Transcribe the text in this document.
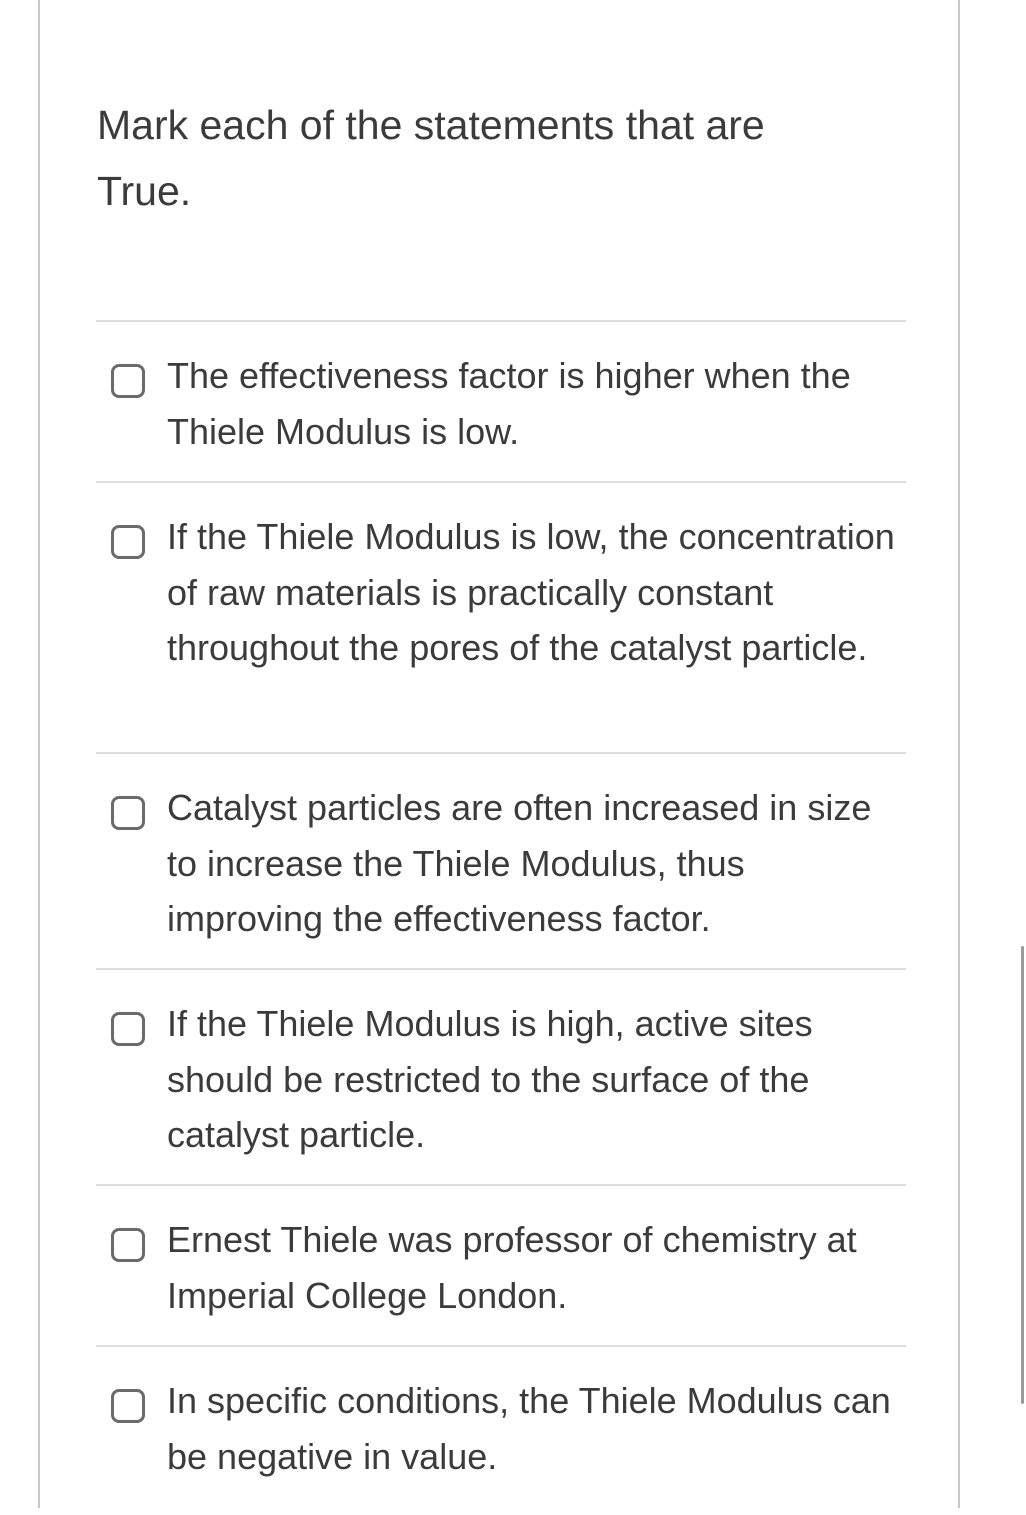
Mark each of the statements that are True.

The effectiveness factor is higher when the Thiele Modulus is low.
If the Thiele Modulus is low, the concentration of raw materials is practically constant throughout the pores of the catalyst particle.
Catalyst particles are often increased in size to increase the Thiele Modulus, thus improving the effectiveness factor.
If the Thiele Modulus is high, active sites should be restricted to the surface of the catalyst particle.
Ernest Thiele was professor of chemistry at Imperial College London.
In specific conditions, the Thiele Modulus can be negative in value.
